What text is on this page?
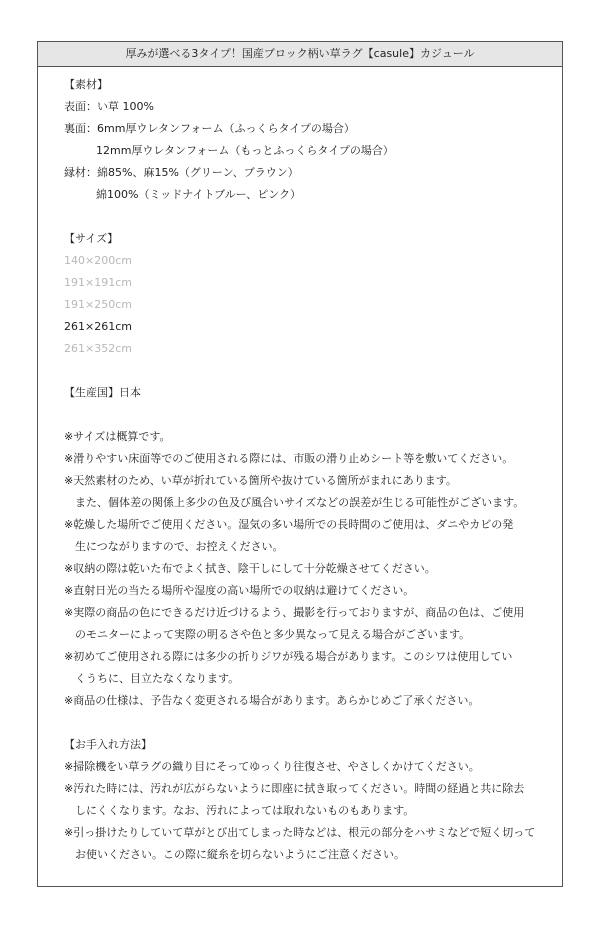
厚みが選べる3タイプ！国産ブロック柄い草ラグ【casule】カジュール
【素材】
表面：い草 100%
裏面：6mm厚ウレタンフォーム（ふっくらタイプの場合）
12mm厚ウレタンフォーム（もっとふっくらタイプの場合）
縁材：綿85%、麻15%（グリーン、ブラウン）
綿100%（ミッドナイトブルー、ピンク）
【サイズ】
140×200cm
191×191cm
191×250cm
261×261cm
261×352cm
【生産国】日本
※サイズは概算です。
※滑りやすい床面等でのご使用される際には、市販の滑り止めシート等を敷いてください。
※天然素材のため、い草が折れている箇所や抜けている箇所がまれにあります。
また、個体差の関係上多少の色及び風合いサイズなどの誤差が生じる可能性がございます。
※乾燥した場所でご使用ください。湿気の多い場所での長時間のご使用は、ダニやカビの発
生につながりますので、お控えください。
※収納の際は乾いた布でよく拭き、陰干しにして十分乾燥させてください。
※直射日光の当たる場所や湿度の高い場所での収納は避けてください。
※実際の商品の色にできるだけ近づけるよう、撮影を行っておりますが、商品の色は、ご使用
のモニターによって実際の明るさや色と多少異なって見える場合がございます。
※初めてご使用される際には多少の折りジワが残る場合があります。このシワは使用してい
くうちに、目立たなくなります。
※商品の仕様は、予告なく変更される場合があります。あらかじめご了承ください。
【お手入れ方法】
※掃除機をい草ラグの織り目にそってゆっくり往復させ、やさしくかけてください。
※汚れた時には、汚れが広がらないように即座に拭き取ってください。時間の経過と共に除去
しにくくなります。なお、汚れによっては取れないものもあります。
※引っ掛けたりしていて草がとび出てしまった時などは、根元の部分をハサミなどで短く切って
お使いください。この際に縦糸を切らないようにご注意ください。
